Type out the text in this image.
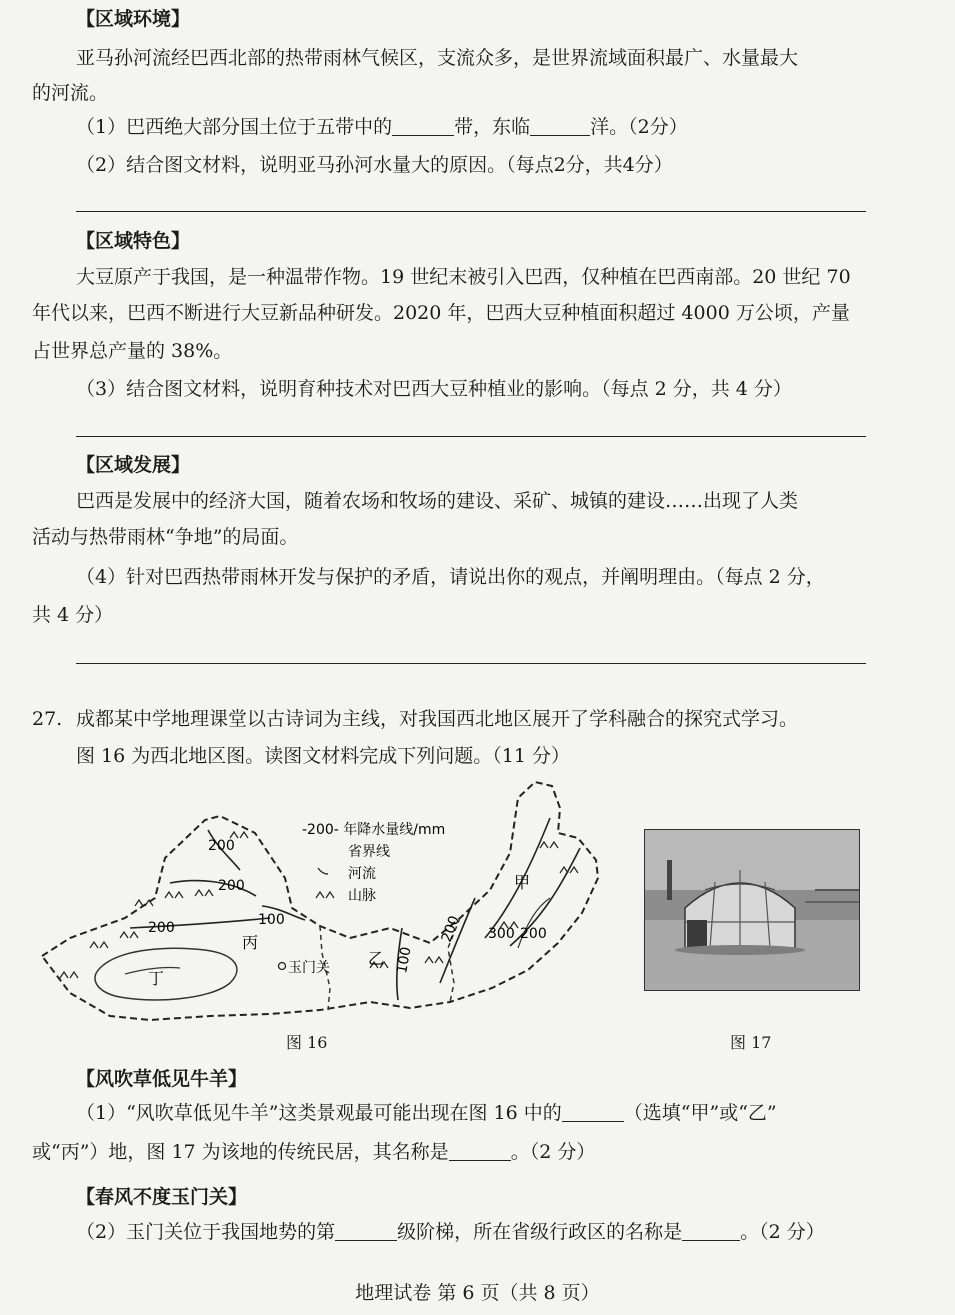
【区域环境】
亚马孙河流经巴西北部的热带雨林气候区，支流众多，是世界流域面积最广、水量最大
的河流。
（1）巴西绝大部分国土位于五带中的	带，东临	洋。（2分）
（2）结合图文材料，说明亚马孙河水量大的原因。（每点2分，共4分）
【区域特色】
大豆原产于我国，是一种温带作物。19 世纪末被引入巴西，仅种植在巴西南部。20 世纪 70
年代以来，巴西不断进行大豆新品种研发。2020 年，巴西大豆种植面积超过 4000 万公顷，产量
占世界总产量的 38%。
（3）结合图文材料，说明育种技术对巴西大豆种植业的影响。（每点 2 分，共 4 分）
【区域发展】
巴西是发展中的经济大国，随着农场和牧场的建设、采矿、城镇的建设……出现了人类
活动与热带雨林“争地”的局面。
（4）针对巴西热带雨林开发与保护的矛盾，请说出你的观点，并阐明理由。（每点 2 分，
共 4 分）
27. 成都某中学地理课堂以古诗词为主线，对我国西北地区展开了学科融合的探究式学习。
图 16 为西北地区图。读图文材料完成下列问题。（11 分）
200
200
200	100	200
100
200
300
甲
乙
丙
丁
玉门关
-200- 年降水量线/mm
省界线
河流
山脉
图 16	图 17
【风吹草低见牛羊】
（1）“风吹草低见牛羊”这类景观最可能出现在图 16 中的	（选填“甲”或“乙”
或“丙”）地，图 17 为该地的传统民居，其名称是	。（2 分）
【春风不度玉门关】
（2）玉门关位于我国地势的第	级阶梯，所在省级行政区的名称是	。（2 分）
地理试卷 第 6 页（共 8 页）
